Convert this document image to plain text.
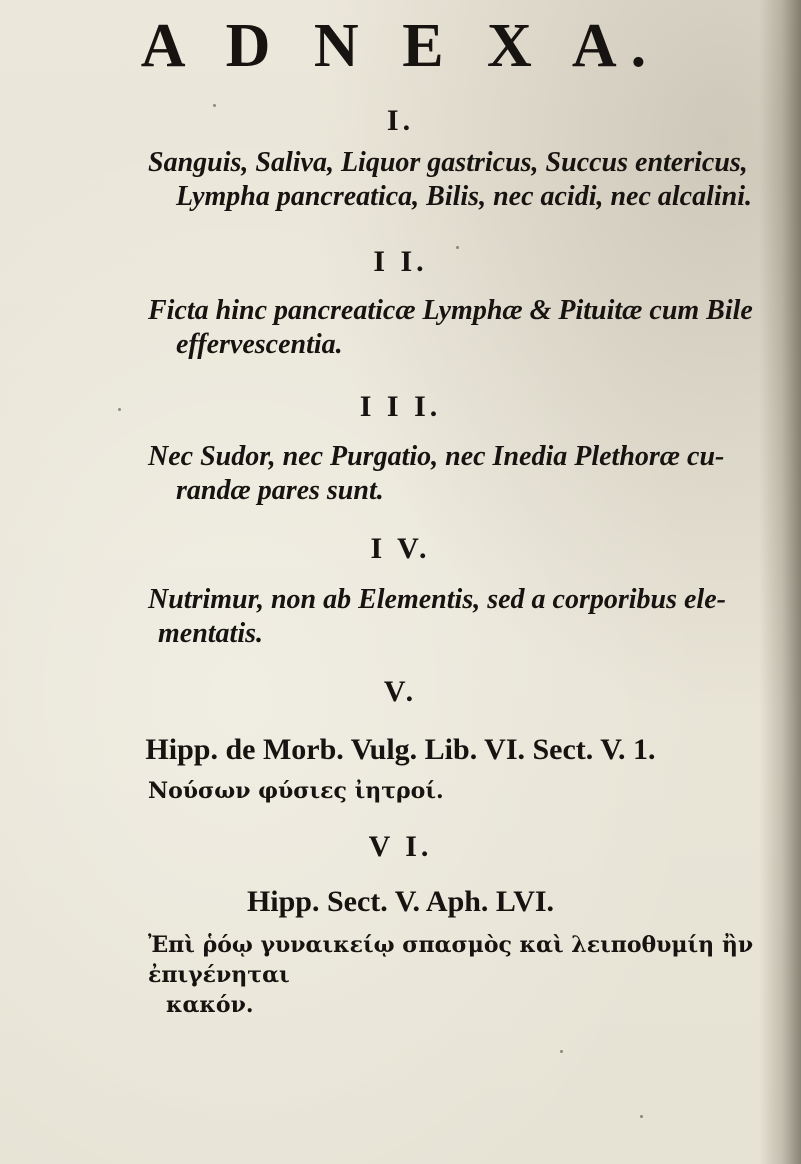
A D N E X A.
I.
Sanguis, Saliva, Liquor gastricus, Succus entericus,
Lympha pancreatica, Bilis, nec acidi, nec alcalini.
I I.
Ficta hinc pancreaticæ Lymphæ & Pituitæ cum Bile
effervescentia.
I I I.
Nec Sudor, nec Purgatio, nec Inedia Plethoræ cu-
randæ pares sunt.
I V.
Nutrimur, non ab Elementis, sed a corporibus ele-
mentatis.
V.
Hipp. de Morb. Vulg. Lib. VI. Sect. V. 1.
Νούσων φύσιες ἰητροί.
V I.
Hipp. Sect. V. Aph. LVI.
Ἐπὶ ῥόῳ γυναικείῳ σπασμὸς καὶ λειποθυμίη ἢν ἐπιγένηται
κακόν.
